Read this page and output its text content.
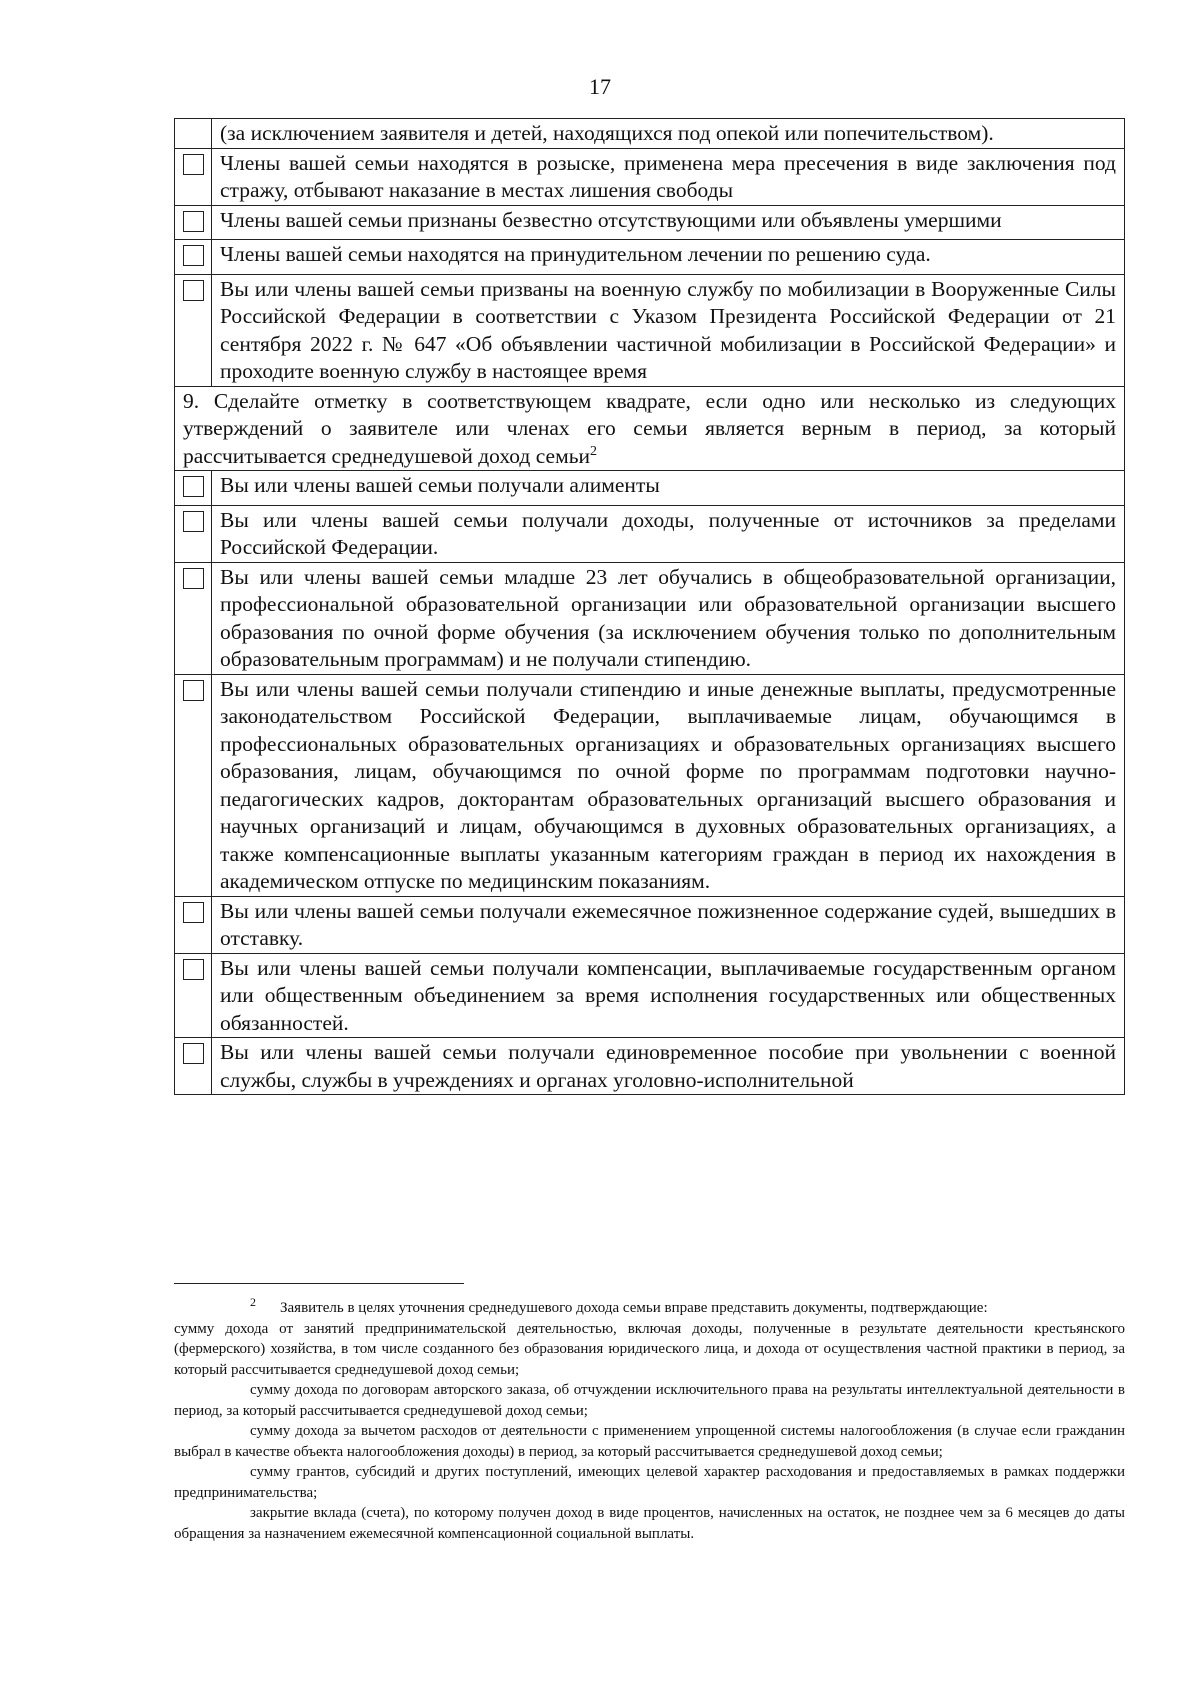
17
	(за исключением заявителя и детей, находящихся под опекой или попечительством).
	Члены вашей семьи находятся в розыске, применена мера пресечения в виде заключения под стражу, отбывают наказание в местах лишения свободы
	Члены вашей семьи признаны безвестно отсутствующими или объявлены умершими
	Члены вашей семьи находятся на принудительном лечении по решению суда.
	Вы или члены вашей семьи призваны на военную службу по мобилизации в Вооруженные Силы Российской Федерации в соответствии с Указом Президента Российской Федерации от 21 сентября 2022 г. № 647 «Об объявлении частичной мобилизации в Российской Федерации» и проходите военную службу в настоящее время
9. Сделайте отметку в соответствующем квадрате, если одно или несколько из следующих утверждений о заявителе или членах его семьи является верным в период, за который рассчитывается среднедушевой доход семьи$^2$
	Вы или члены вашей семьи получали алименты
	Вы или члены вашей семьи получали доходы, полученные от источников за пределами Российской Федерации.
	Вы или члены вашей семьи младше 23 лет обучались в общеобразовательной организации, профессиональной образовательной организации или образовательной организации высшего образования по очной форме обучения (за исключением обучения только по дополнительным образовательным программам) и не получали стипендию.
	Вы или члены вашей семьи получали стипендию и иные денежные выплаты, предусмотренные законодательством Российской Федерации, выплачиваемые лицам, обучающимся в профессиональных образовательных организациях и образовательных организациях высшего образования, лицам, обучающимся по очной форме по программам подготовки научно-педагогических кадров, докторантам образовательных организаций высшего образования и научных организаций и лицам, обучающимся в духовных образовательных организациях, а также компенсационные выплаты указанным категориям граждан в период их нахождения в академическом отпуске по медицинским показаниям.
	Вы или члены вашей семьи получали ежемесячное пожизненное содержание судей, вышедших в отставку.
	Вы или члены вашей семьи получали компенсации, выплачиваемые государственным органом или общественным объединением за время исполнения государственных или общественных обязанностей.
	Вы или члены вашей семьи получали единовременное пособие при увольнении с военной службы, службы в учреждениях и органах уголовно-исполнительной

$^2$ Заявитель в целях уточнения среднедушевого дохода семьи вправе представить документы, подтверждающие:

сумму дохода от занятий предпринимательской деятельностью, включая доходы, полученные в результате деятельности крестьянского (фермерского) хозяйства, в том числе созданного без образования юридического лица, и дохода от осуществления частной практики в период, за который рассчитывается среднедушевой доход семьи;

сумму дохода по договорам авторского заказа, об отчуждении исключительного права на результаты интеллектуальной деятельности в период, за который рассчитывается среднедушевой доход семьи;

сумму дохода за вычетом расходов от деятельности с применением упрощенной системы налогообложения (в случае если гражданин выбрал в качестве объекта налогообложения доходы) в период, за который рассчитывается среднедушевой доход семьи;

сумму грантов, субсидий и других поступлений, имеющих целевой характер расходования и предоставляемых в рамках поддержки предпринимательства;

закрытие вклада (счета), по которому получен доход в виде процентов, начисленных на остаток, не позднее чем за 6 месяцев до даты обращения за назначением ежемесячной компенсационной социальной выплаты.
